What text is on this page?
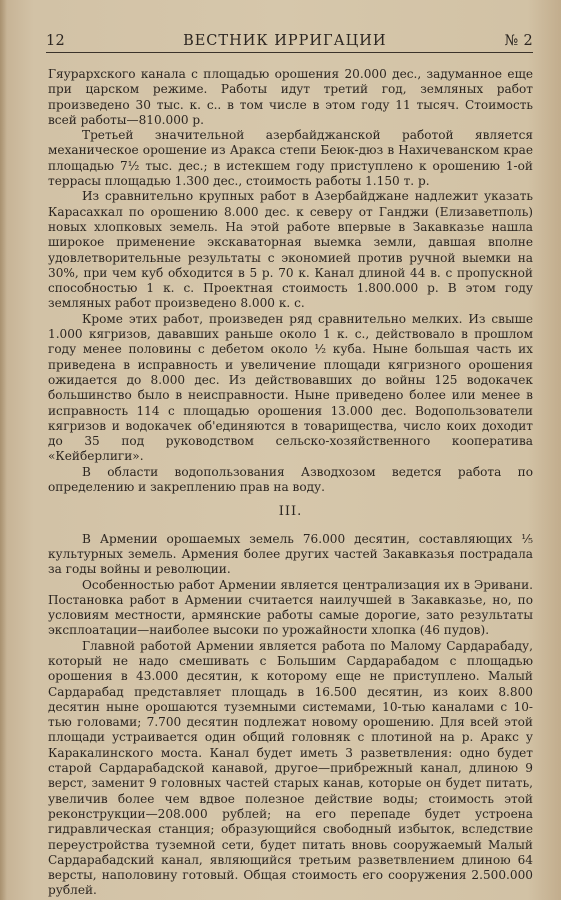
12	ВЕСТНИК ИРРИГАЦИИ	№ 2

Гяурархского канала с площадью орошения 20.000 дес., задуманное еще при царском режиме. Работы идут третий год, земляных работ произведено 30 тыс. к. с.. в том числе в этом году 11 тысяч. Стоимость всей работы—810.000 р.

Третьей значительной азербайджанской работой является механическое орошение из Аракса степи Беюк-дюз в Нахичеванском крае площадью 7½ тыс. дес.; в истекшем году приступлено к орошению 1-ой террасы площадью 1.300 дес., стоимость работы 1.150 т. р.

Из сравнительно крупных работ в Азербайджане надлежит указать Карасахкал по орошению 8.000 дес. к северу от Ганджи (Елизаветполь) новых хлопковых земель. На этой работе впервые в Закавказье нашла широкое применение экскаваторная выемка земли, давшая вполне удовлетворительные результаты с экономией против ручной выемки на 30%, при чем куб обходится в 5 р. 70 к. Канал длиной 44 в. с пропускной способностью 1 к. с. Проектная стоимость 1.800.000 р. В этом году земляных работ произведено 8.000 к. с.

Кроме этих работ, произведен ряд сравнительно мелких. Из свыше 1.000 кягризов, дававших раньше около 1 к. с., действовало в прошлом году менее половины с дебетом около ½ куба. Ныне большая часть их приведена в исправность и увеличение площади кягризного орошения ожидается до 8.000 дес. Из действовавших до войны 125 водокачек большинство было в неисправности. Ныне приведено более или менее в исправность 114 с площадью орошения 13.000 дес. Водопользователи кягризов и водокачек об'единяются в товарищества, число коих доходит до 35 под руководством сельско-хозяйственного кооператива «Кейберлиги».

В области водопользования Азводхозом ведется работа по определению и закреплению прав на воду.

III.

В Армении орошаемых земель 76.000 десятин, составляющих ⅕ культурных земель. Армения более других частей Закавказья пострадала за годы войны и революции.

Особенностью работ Армении является централизация их в Эривани. Постановка работ в Армении считается наилучшей в Закавказье, но, по условиям местности, армянские работы самые дорогие, зато результаты эксплоатации—наиболее высоки по урожайности хлопка (46 пудов).

Главной работой Армении является работа по Малому Сардарабаду, который не надо смешивать с Большим Сардарабадом с площадью орошения в 43.000 десятин, к которому еще не приступлено. Малый Сардарабад представляет площадь в 16.500 десятин, из коих 8.800 десятин ныне орошаются туземными системами, 10-тью каналами с 10-тью головами; 7.700 десятин подлежат новому орошению. Для всей этой площади устраивается один общий головняк с плотиной на р. Аракс у Каракалинского моста. Канал будет иметь 3 разветвления: одно будет старой Сардарабадской канавой, другое—прибрежный канал, длиною 9 верст, заменит 9 головных частей старых канав, которые он будет питать, увеличив более чем вдвое полезное действие воды; стоимость этой реконструкции—208.000 рублей; на его перепаде будет устроена гидравлическая станция; образующийся свободный избыток, вследствие переустройства туземной сети, будет питать вновь сооружаемый Малый Сардарабадский канал, являющийся третьим разветвлением длиною 64 версты, наполовину готовый. Общая стоимость его сооружения 2.500.000 рублей.
